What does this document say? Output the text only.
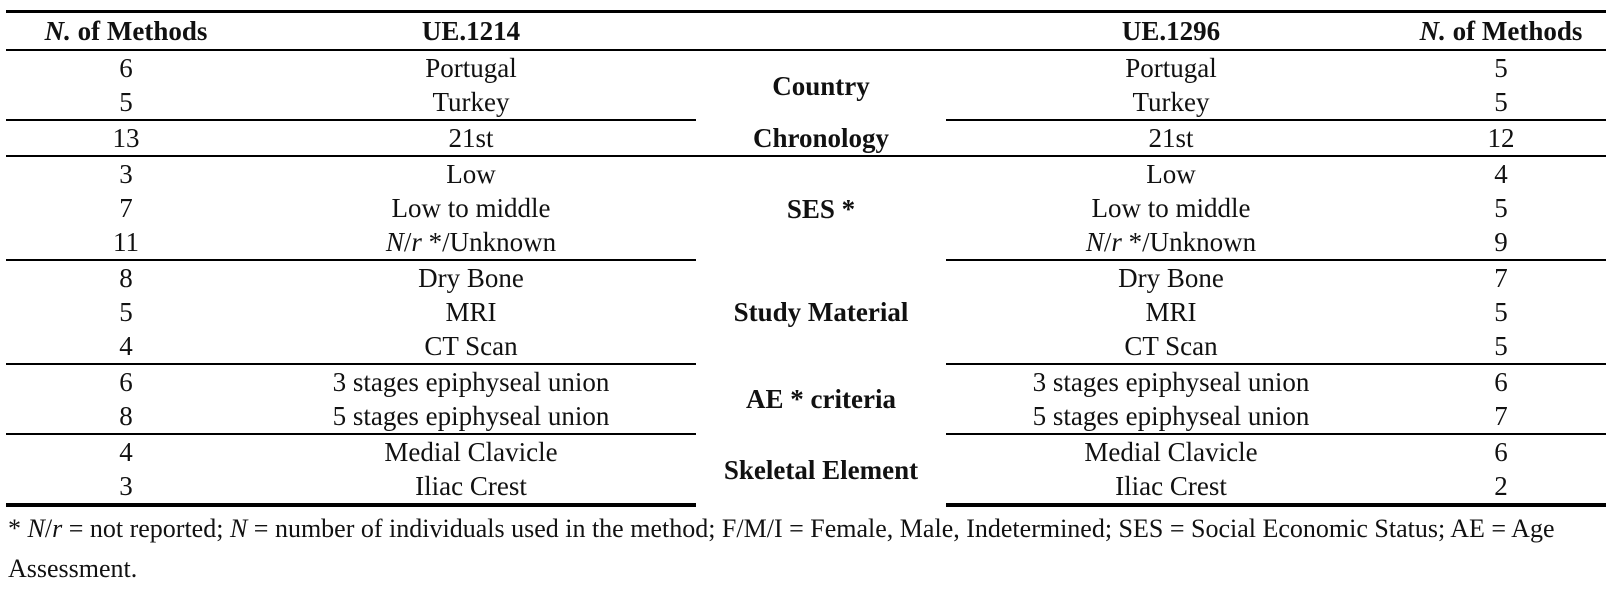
N. of Methods	UE.1214		UE.1296	N. of Methods
6	Portugal	Country	Portugal	5
5	Turkey		Turkey	5
13	21st	Chronology	21st	12
3	Low	SES *	Low	4
7	Low to middle		Low to middle	5
11	N/r */Unknown		N/r */Unknown	9
8	Dry Bone	Study Material	Dry Bone	7
5	MRI		MRI	5
4	CT Scan		CT Scan	5
6	3 stages epiphyseal union	AE * criteria	3 stages epiphyseal union	6
8	5 stages epiphyseal union		5 stages epiphyseal union	7
4	Medial Clavicle	Skeletal Element	Medial Clavicle	6
3	Iliac Crest		Iliac Crest	2
* N/r = not reported; N = number of individuals used in the method; F/M/I = Female, Male, Indetermined; SES = Social Economic Status; AE = Age Assessment.
